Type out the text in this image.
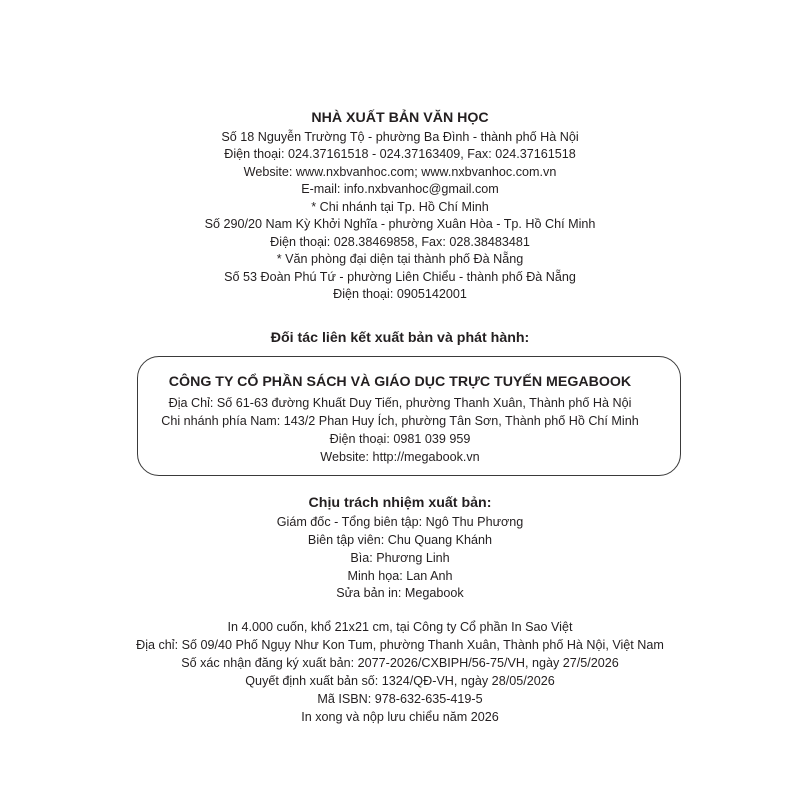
NHÀ XUẤT BẢN VĂN HỌC
Số 18 Nguyễn Trường Tộ - phường Ba Đình - thành phố Hà Nội
Điện thoại: 024.37161518 - 024.37163409, Fax: 024.37161518
Website: www.nxbvanhoc.com; www.nxbvanhoc.com.vn
E-mail: info.nxbvanhoc@gmail.com
* Chi nhánh tại Tp. Hồ Chí Minh
Số 290/20 Nam Kỳ Khởi Nghĩa - phường Xuân Hòa - Tp. Hồ Chí Minh
Điện thoại: 028.38469858, Fax: 028.38483481
* Văn phòng đại diện tại thành phố Đà Nẵng
Số 53 Đoàn Phú Tứ - phường Liên Chiểu - thành phố Đà Nẵng
Điện thoại: 0905142001
Đối tác liên kết xuất bản và phát hành:
CÔNG TY CỔ PHẦN SÁCH VÀ GIÁO DỤC TRỰC TUYẾN MEGABOOK
Địa Chỉ: Số 61-63 đường Khuất Duy Tiến, phường Thanh Xuân, Thành phố Hà Nội
Chi nhánh phía Nam: 143/2 Phan Huy Ích, phường Tân Sơn, Thành phố Hồ Chí Minh
Điện thoại: 0981 039 959
Website: http://megabook.vn
Chịu trách nhiệm xuất bản:
Giám đốc - Tổng biên tập: Ngô Thu Phương
Biên tập viên: Chu Quang Khánh
Bìa: Phương Linh
Minh họa: Lan Anh
Sửa bản in: Megabook
In 4.000 cuốn, khổ 21x21 cm, tại Công ty Cổ phần In Sao Việt
Địa chỉ: Số 09/40 Phố Ngụy Như Kon Tum, phường Thanh Xuân, Thành phố Hà Nội, Việt Nam
Số xác nhận đăng ký xuất bản: 2077-2026/CXBIPH/56-75/VH, ngày 27/5/2026
Quyết định xuất bản số: 1324/QĐ-VH, ngày 28/05/2026
Mã ISBN: 978-632-635-419-5
In xong và nộp lưu chiểu năm 2026
